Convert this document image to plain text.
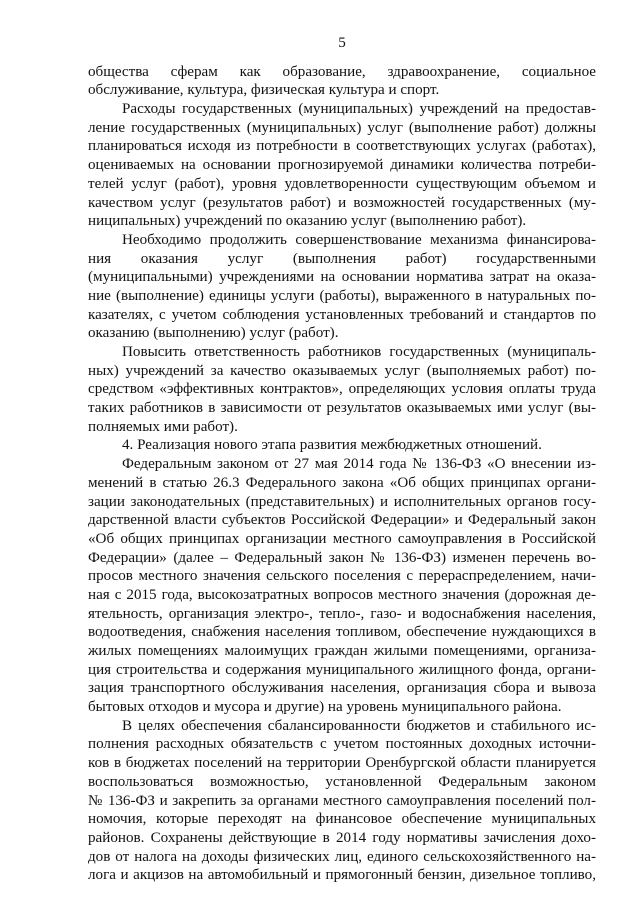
5
общества сферам как образование, здравоохранение, социальное
обслуживание, культура, физическая культура и спорт.
Расходы государственных (муниципальных) учреждений на предостав-
ление государственных (муниципальных) услуг (выполнение работ) должны
планироваться исходя из потребности в соответствующих услугах (работах),
оцениваемых на основании прогнозируемой динамики количества потреби-
телей услуг (работ), уровня удовлетворенности существующим объемом и
качеством услуг (результатов работ) и возможностей государственных (му-
ниципальных) учреждений по оказанию услуг (выполнению работ).
Необходимо продолжить совершенствование механизма финансирова-
ния оказания услуг (выполнения работ) государственными
(муниципальными) учреждениями на основании норматива затрат на оказа-
ние (выполнение) единицы услуги (работы), выраженного в натуральных по-
казателях, с учетом соблюдения установленных требований и стандартов по
оказанию (выполнению) услуг (работ).
Повысить ответственность работников государственных (муниципаль-
ных) учреждений за качество оказываемых услуг (выполняемых работ) по-
средством «эффективных контрактов», определяющих условия оплаты труда
таких работников в зависимости от результатов оказываемых ими услуг (вы-
полняемых ими работ).
4. Реализация нового этапа развития межбюджетных отношений.
Федеральным законом от 27 мая 2014 года № 136-ФЗ «О внесении из-
менений в статью 26.3 Федерального закона «Об общих принципах органи-
зации законодательных (представительных) и исполнительных органов госу-
дарственной власти субъектов Российской Федерации» и Федеральный закон
«Об общих принципах организации местного самоуправления в Российской
Федерации» (далее – Федеральный закон № 136-ФЗ) изменен перечень во-
просов местного значения сельского поселения с перераспределением, начи-
ная с 2015 года, высокозатратных вопросов местного значения (дорожная де-
ятельность, организация электро-, тепло-, газо- и водоснабжения населения,
водоотведения, снабжения населения топливом, обеспечение нуждающихся в
жилых помещениях малоимущих граждан жилыми помещениями, организа-
ция строительства и содержания муниципального жилищного фонда, органи-
зация транспортного обслуживания населения, организация сбора и вывоза
бытовых отходов и мусора и другие) на уровень муниципального района.
В целях обеспечения сбалансированности бюджетов и стабильного ис-
полнения расходных обязательств с учетом постоянных доходных источни-
ков в бюджетах поселений на территории Оренбургской области планируется
воспользоваться возможностью, установленной Федеральным законом
№ 136-ФЗ и закрепить за органами местного самоуправления поселений пол-
номочия, которые переходят на финансовое обеспечение муниципальных
районов. Сохранены действующие в 2014 году нормативы зачисления дохо-
дов от налога на доходы физических лиц, единого сельскохозяйственного на-
лога и акцизов на автомобильный и прямогонный бензин, дизельное топливо,
